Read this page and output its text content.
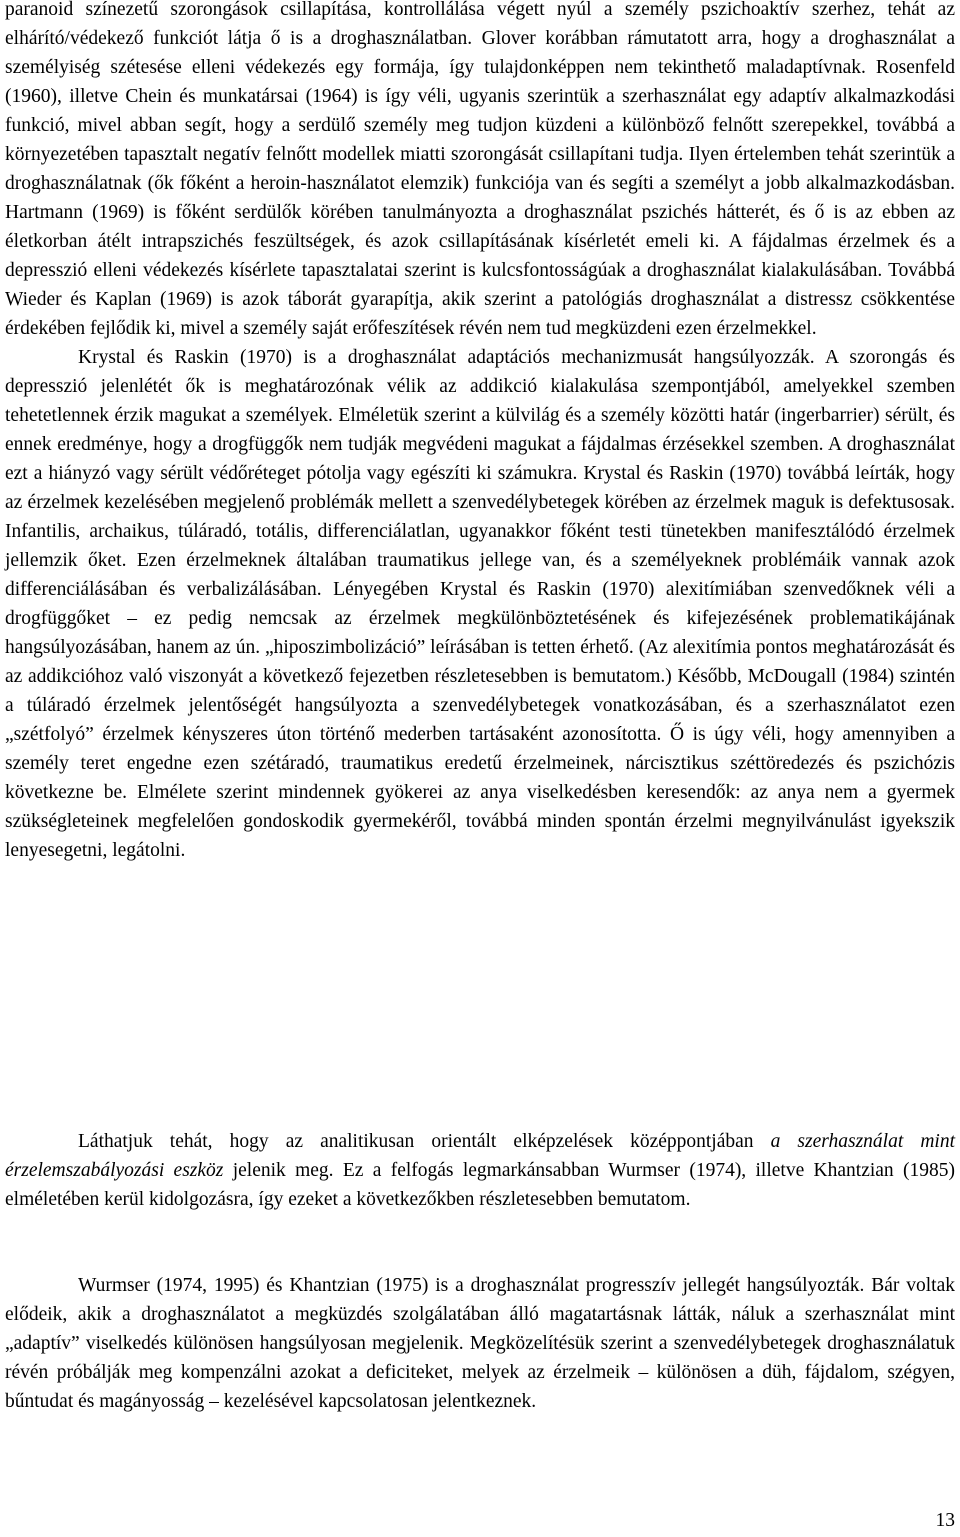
paranoid színezetű szorongások csillapítása, kontrollálása végett nyúl a személy pszichoaktív szerhez, tehát az elhárító/védekező funkciót látja ő is a droghasználatban. Glover korábban rámutatott arra, hogy a droghasználat a személyiség szétesése elleni védekezés egy formája, így tulajdonképpen nem tekinthető maladaptívnak. Rosenfeld (1960), illetve Chein és munkatársai (1964) is így véli, ugyanis szerintük a szerhasználat egy adaptív alkalmazkodási funkció, mivel abban segít, hogy a serdülő személy meg tudjon küzdeni a különböző felnőtt szerepekkel, továbbá a környezetében tapasztalt negatív felnőtt modellek miatti szorongását csillapítani tudja. Ilyen értelemben tehát szerintük a droghasználatnak (ők főként a heroin-használatot elemzik) funkciója van és segíti a személyt a jobb alkalmazkodásban. Hartmann (1969) is főként serdülők körében tanulmányozta a droghasználat pszichés hátterét, és ő is az ebben az életkorban átélt intrapszichés feszültségek, és azok csillapításának kísérletét emeli ki. A fájdalmas érzelmek és a depresszió elleni védekezés kísérlete tapasztalatai szerint is kulcsfontosságúak a droghasználat kialakulásában. Továbbá Wieder és Kaplan (1969) is azok táborát gyarapítja, akik szerint a patológiás droghasználat a distressz csökkentése érdekében fejlődik ki, mivel a személy saját erőfeszítések révén nem tud megküzdeni ezen érzelmekkel.

Krystal és Raskin (1970) is a droghasználat adaptációs mechanizmusát hangsúlyozzák. A szorongás és depresszió jelenlétét ők is meghatározónak vélik az addikció kialakulása szempontjából, amelyekkel szemben tehetetlennek érzik magukat a személyek. Elméletük szerint a külvilág és a személy közötti határ (ingerbarrier) sérült, és ennek eredménye, hogy a drogfüggők nem tudják megvédeni magukat a fájdalmas érzésekkel szemben. A droghasználat ezt a hiányzó vagy sérült védőréteget pótolja vagy egészíti ki számukra. Krystal és Raskin (1970) továbbá leírták, hogy az érzelmek kezelésében megjelenő problémák mellett a szenvedélybetegek körében az érzelmek maguk is defektusosak. Infantilis, archaikus, túláradó, totális, differenciálatlan, ugyanakkor főként testi tünetekben manifesztálódó érzelmek jellemzik őket. Ezen érzelmeknek általában traumatikus jellege van, és a személyeknek problémáik vannak azok differenciálásában és verbalizálásában. Lényegében Krystal és Raskin (1970) alexitímiában szenvedőknek véli a drogfüggőket – ez pedig nemcsak az érzelmek megkülönböztetésének és kifejezésének problematikájának hangsúlyozásában, hanem az ún. „hiposzimbolizáció” leírásában is tetten érhető. (Az alexitímia pontos meghatározását és az addikcióhoz való viszonyát a következő fejezetben részletesebben is bemutatom.) Később, McDougall (1984) szintén a túláradó érzelmek jelentőségét hangsúlyozta a szenvedélybetegek vonatkozásában, és a szerhasználatot ezen „szétfolyó” érzelmek kényszeres úton történő mederben tartásaként azonosította. Ő is úgy véli, hogy amennyiben a személy teret engedne ezen szétáradó, traumatikus eredetű érzelmeinek, nárcisztikus széttöredezés és pszichózis következne be. Elmélete szerint mindennek gyökerei az anya viselkedésben keresendők: az anya nem a gyermek szükségleteinek megfelelően gondoskodik gyermekéről, továbbá minden spontán érzelmi megnyilvánulást igyekszik lenyesegetni, legátolni.

Láthatjuk tehát, hogy az analitikusan orientált elképzelések középpontjában a szerhasználat mint érzelemszabályozási eszköz jelenik meg. Ez a felfogás legmarkánsabban Wurmser (1974), illetve Khantzian (1985) elméletében kerül kidolgozásra, így ezeket a következőkben részletesebben bemutatom.
Wurmser (1974, 1995) és Khantzian (1975) is a droghasználat progresszív jellegét hangsúlyozták. Bár voltak elődeik, akik a droghasználatot a megküzdés szolgálatában álló magatartásnak látták, náluk a szerhasználat mint „adaptív” viselkedés különösen hangsúlyosan megjelenik. Megközelítésük szerint a szenvedélybetegek droghasználatuk révén próbálják meg kompenzálni azokat a deficiteket, melyek az érzelmeik – különösen a düh, fájdalom, szégyen, bűntudat és magányosság – kezelésével kapcsolatosan jelentkeznek.
13
